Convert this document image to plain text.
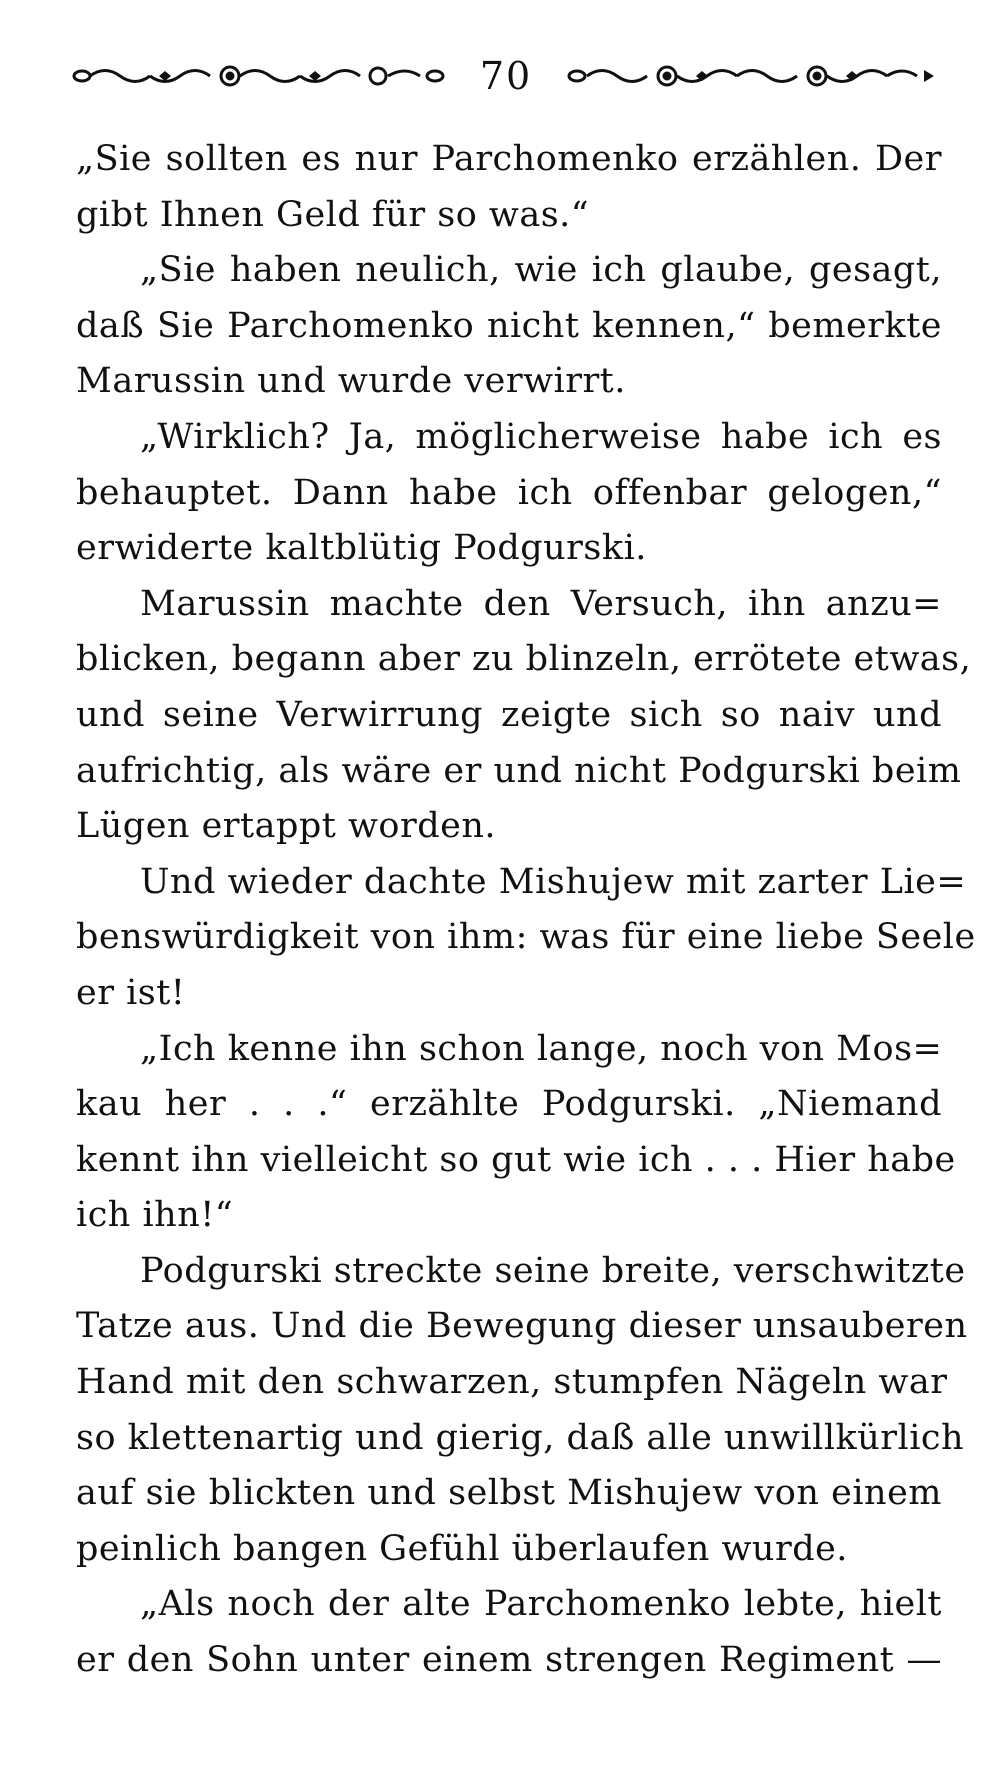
70
„Sie sollten es nur Parchomenko erzählen. Der
gibt Ihnen Geld für so was.“
„Sie haben neulich, wie ich glaube, gesagt,
daß Sie Parchomenko nicht kennen,“ bemerkte
Marussin und wurde verwirrt.
„Wirklich? Ja, möglicherweise habe ich es
behauptet. Dann habe ich offenbar gelogen,“
erwiderte kaltblütig Podgurski.
Marussin machte den Versuch, ihn anzu=
blicken, begann aber zu blinzeln, errötete etwas,
und seine Verwirrung zeigte sich so naiv und
aufrichtig, als wäre er und nicht Podgurski beim
Lügen ertappt worden.
Und wieder dachte Mishujew mit zarter Lie=
benswürdigkeit von ihm: was für eine liebe Seele
er ist!
„Ich kenne ihn schon lange, noch von Mos=
kau her . . .“ erzählte Podgurski. „Niemand
kennt ihn vielleicht so gut wie ich . . . Hier habe
ich ihn!“
Podgurski streckte seine breite, verschwitzte
Tatze aus. Und die Bewegung dieser unsauberen
Hand mit den schwarzen, stumpfen Nägeln war
so klettenartig und gierig, daß alle unwillkürlich
auf sie blickten und selbst Mishujew von einem
peinlich bangen Gefühl überlaufen wurde.
„Als noch der alte Parchomenko lebte, hielt
er den Sohn unter einem strengen Regiment —
